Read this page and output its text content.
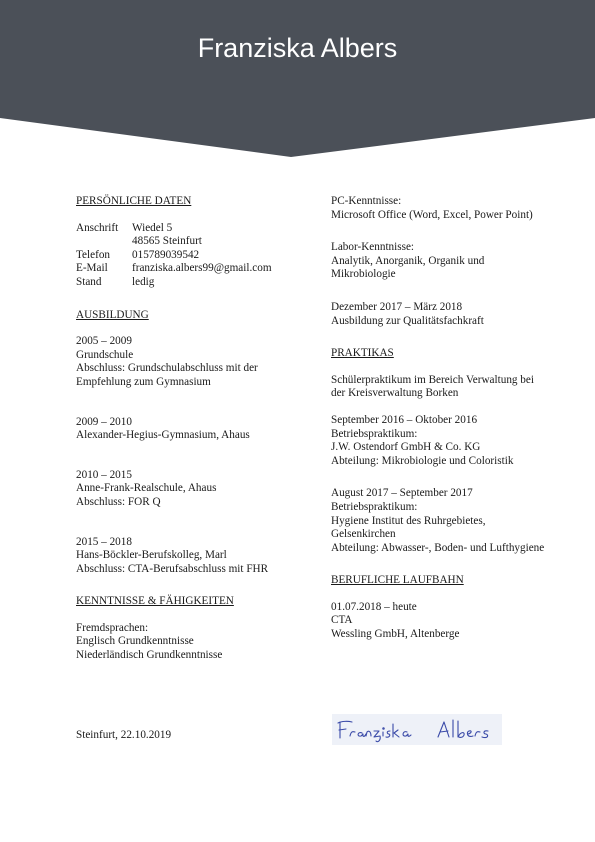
Franziska Albers
PERSÖNLICHE DATEN
Anschrift	Wiedel 5
48565 Steinfurt
Telefon	015789039542
E-Mail	franziska.albers99@gmail.com
Stand	ledig
AUSBILDUNG
2005 – 2009
Grundschule
Abschluss: Grundschulabschluss mit der Empfehlung zum Gymnasium
2009 – 2010
Alexander-Hegius-Gymnasium, Ahaus
2010 – 2015
Anne-Frank-Realschule, Ahaus
Abschluss: FOR Q
2015 – 2018
Hans-Böckler-Berufskolleg, Marl
Abschluss: CTA-Berufsabschluss mit FHR
KENNTNISSE & FÄHIGKEITEN
Fremdsprachen:
Englisch Grundkenntnisse
Niederländisch Grundkenntnisse
PC-Kenntnisse:
Microsoft Office (Word, Excel, Power Point)
Labor-Kenntnisse:
Analytik, Anorganik, Organik und Mikrobiologie
Dezember 2017 – März 2018
Ausbildung zur Qualitätsfachkraft
PRAKTIKAS
Schülerpraktikum im Bereich Verwaltung bei der Kreisverwaltung Borken
September 2016 – Oktober 2016
Betriebspraktikum:
J.W. Ostendorf GmbH & Co. KG
Abteilung: Mikrobiologie und Coloristik
August 2017 – September 2017
Betriebspraktikum:
Hygiene Institut des Ruhrgebietes, Gelsenkirchen
Abteilung: Abwasser-, Boden- und Lufthygiene
BERUFLICHE LAUFBAHN
01.07.2018 – heute
CTA
Wessling GmbH, Altenberge
Steinfurt, 22.10.2019
